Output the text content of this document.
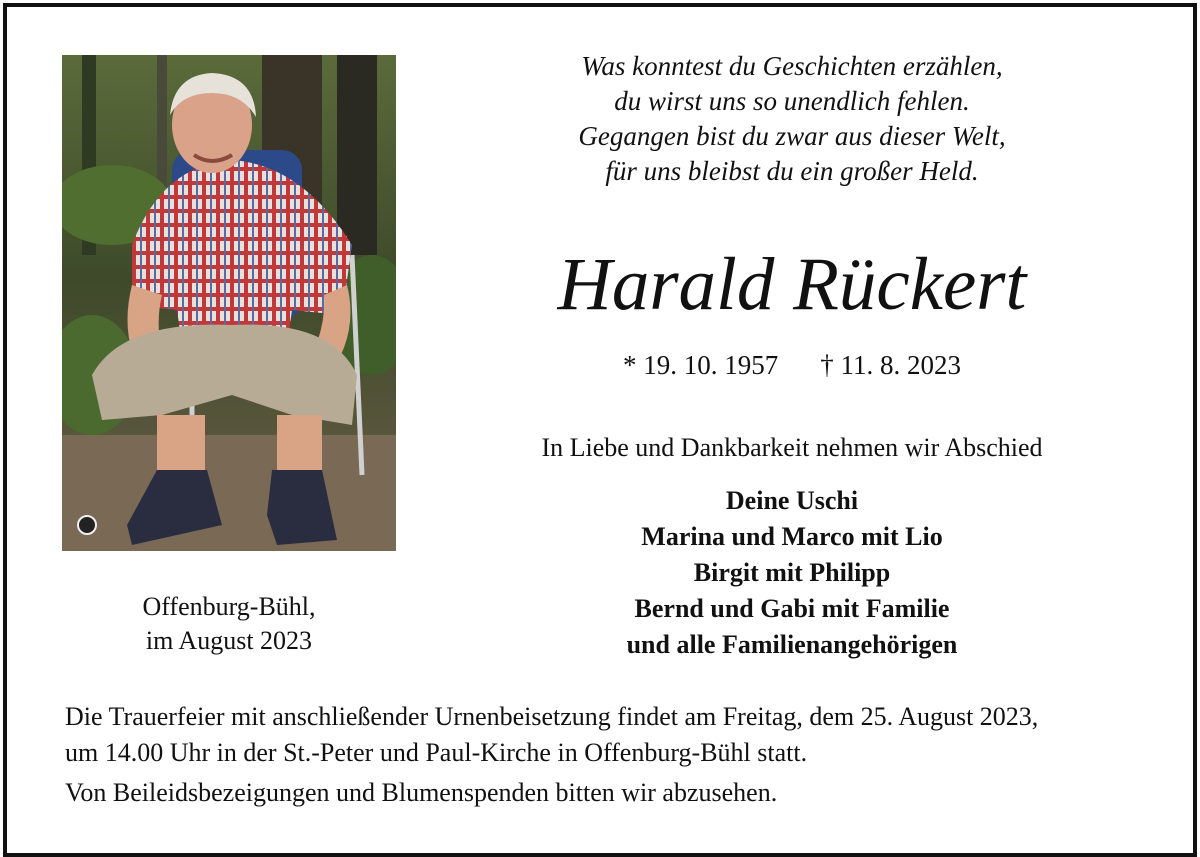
Offenburg-Bühl,
im August 2023
Was konntest du Geschichten erzählen,
du wirst uns so unendlich fehlen.
Gegangen bist du zwar aus dieser Welt,
für uns bleibst du ein großer Held.
Harald Rückert
* 19. 10. 1957 † 11. 8. 2023
In Liebe und Dankbarkeit nehmen wir Abschied
Deine Uschi
Marina und Marco mit Lio
Birgit mit Philipp
Bernd und Gabi mit Familie
und alle Familienangehörigen
Die Trauerfeier mit anschließender Urnenbeisetzung findet am Freitag, dem 25. August 2023,
um 14.00 Uhr in der St.-Peter und Paul-Kirche in Offenburg-Bühl statt.
Von Beileidsbezeigungen und Blumenspenden bitten wir abzusehen.
